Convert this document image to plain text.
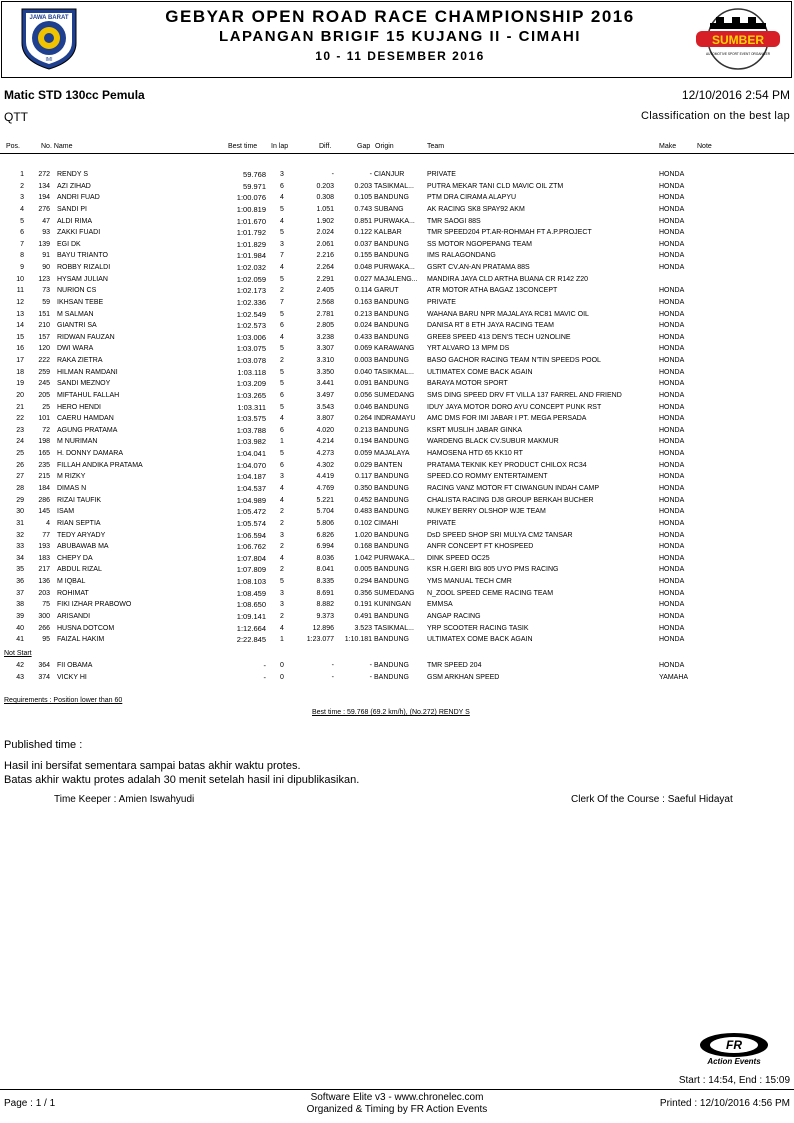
JAWA BARAT
IMI
GEBYAR OPEN ROAD RACE CHAMPIONSHIP 2016
LAPANGAN BRIGIF 15 KUJANG II - CIMAHI
10 - 11 DESEMBER 2016
SUMBER
AUTOMOTIVE SPORT EVENT ORGANIZER
Matic STD 130cc Pemula	12/10/2016 2:54 PM
QTT	Classification on the best lap
Pos.	No. Name	Best time In lap	Diff.	Gap Origin	Team	Make	Note
1	272 RENDY S	59.768	3	-	- CIANJUR	PRIVATE	HONDA
2	134 AZI ZIHAD	59.971	6	0.203	0.203 TASIKMAL...	PUTRA MEKAR TANI CLD MAVIC OIL ZTM	HONDA
3	194 ANDRI FUAD	1:00.076	4	0.308	0.105 BANDUNG	PTM DRA CIRAMA ALAPYU	HONDA
4	276 SANDI PI	1:00.819	5	1.051	0.743 SUBANG	AK RACING SK8 SPAY92 AKM	HONDA
5	47 ALDI RIMA	1:01.670	4	1.902	0.851 PURWAKA...	TMR SAOGI 88S	HONDA
6	93 ZAKKI FUADI	1:01.792	5	2.024	0.122 KALBAR	TMR SPEED204 PT.AR-ROHMAH FT A.P.PROJECT	HONDA
7	139 EGI DK	1:01.829	3	2.061	0.037 BANDUNG	SS MOTOR NGOPEPANG TEAM	HONDA
8	91 BAYU TRIANTO	1:01.984	7	2.216	0.155 BANDUNG	IMS RALAGONDANG	HONDA
9	90 ROBBY RIZALDI	1:02.032	4	2.264	0.048 PURWAKA...	GSRT CV.AN-AN PRATAMA 88S	HONDA
10	123 HYSAM JULIAN	1:02.059	5	2.291	0.027 MAJALENG...	MANDIRA JAYA CLD ARTHA BUANA CR R142 Z20
11	73 NURION CS	1:02.173	2	2.405	0.114 GARUT	ATR MOTOR ATHA BAGAZ 13CONCEPT	HONDA
12	59 IKHSAN TEBE	1:02.336	7	2.568	0.163 BANDUNG	PRIVATE	HONDA
13	151 M SALMAN	1:02.549	5	2.781	0.213 BANDUNG	WAHANA BARU NPR MAJALAYA RC81 MAVIC OIL	HONDA
14	210 GIANTRI SA	1:02.573	6	2.805	0.024 BANDUNG	DANISA RT 8 ETH JAYA RACING TEAM	HONDA
15	157 RIDWAN FAUZAN	1:03.006	4	3.238	0.433 BANDUNG	GREE8 SPEED 413 DEN'S TECH U2NOLINE	HONDA
16	120 DWI WARA	1:03.075	5	3.307	0.069 KARAWANG	YRT ALVARO 13 MPM DS	HONDA
17	222 RAKA ZIETRA	1:03.078	2	3.310	0.003 BANDUNG	BASO GACHOR RACING TEAM N'TIN SPEEDS POOL	HONDA
18	259 HILMAN RAMDANI	1:03.118	5	3.350	0.040 TASIKMAL...	ULTIMATEX COME BACK AGAIN	HONDA
19	245 SANDI MEZNOY	1:03.209	5	3.441	0.091 BANDUNG	BARAYA MOTOR SPORT	HONDA
20	205 MIFTAHUL FALLAH	1:03.265	6	3.497	0.056 SUMEDANG	SMS DING SPEED DRV FT VILLA 137 FARREL AND FRIEND	HONDA
21	25 HERO HENDI	1:03.311	5	3.543	0.046 BANDUNG	IDUY JAYA MOTOR DORO AYU CONCEPT PUNK RST	HONDA
22	101 CAERU HAMDAN	1:03.575	4	3.807	0.264 INDRAMAYU	AMC DMS FOR IMI JABAR I PT. MEGA PERSADA	HONDA
23	72 AGUNG PRATAMA	1:03.788	6	4.020	0.213 BANDUNG	KSRT MUSLIH JABAR GINKA	HONDA
24	198 M NURIMAN	1:03.982	1	4.214	0.194 BANDUNG	WARDENG BLACK CV.SUBUR MAKMUR	HONDA
25	165 H. DONNY DAMARA	1:04.041	5	4.273	0.059 MAJALAYA	HAMOSENA HTD 65 KK10 RT	HONDA
26	235 FILLAH ANDIKA PRATAMA	1:04.070	6	4.302	0.029 BANTEN	PRATAMA TEKNIK KEY PRODUCT CHILOX RC34	HONDA
27	215 M RIZKY	1:04.187	3	4.419	0.117 BANDUNG	SPEED.CO ROMMY ENTERTAIMENT	HONDA
28	184 DIMAS N	1:04.537	4	4.769	0.350 BANDUNG	RACING VANZ MOTOR FT CIWANGUN INDAH CAMP	HONDA
29	286 RIZAI TAUFIK	1:04.989	4	5.221	0.452 BANDUNG	CHALISTA RACING DJ8 GROUP BERKAH BUCHER	HONDA
30	145 ISAM	1:05.472	2	5.704	0.483 BANDUNG	NUKEY BERRY OLSHOP WJE TEAM	HONDA
31	4 RIAN SEPTIA	1:05.574	2	5.806	0.102 CIMAHI	PRIVATE	HONDA
32	77 TEDY ARYADY	1:06.594	3	6.826	1.020 BANDUNG	DsD SPEED SHOP SRI MULYA CM2 TANSAR	HONDA
33	193 ABUBAWAB MA	1:06.762	2	6.994	0.168 BANDUNG	ANFR CONCEPT FT KHOSPEED	HONDA
34	183 CHEPY DA	1:07.804	4	8.036	1.042 PURWAKA...	DINK SPEED OC25	HONDA
35	217 ABDUL RIZAL	1:07.809	2	8.041	0.005 BANDUNG	KSR H.GERI BIG 805 UYO PMS RACING	HONDA
36	136 M IQBAL	1:08.103	5	8.335	0.294 BANDUNG	YMS MANUAL TECH CMR	HONDA
37	203 ROHIMAT	1:08.459	3	8.691	0.356 SUMEDANG	N_ZOOL SPEED CEME RACING TEAM	HONDA
38	75 FIKI IZHAR PRABOWO	1:08.650	3	8.882	0.191 KUNINGAN	EMMSA	HONDA
39	300 ARISANDI	1:09.141	2	9.373	0.491 BANDUNG	ANGAP RACING	HONDA
40	266 HUSNA DOTCOM	1:12.664	4	12.896	3.523 TASIKMAL...	YRP SCOOTER RACING TASIK	HONDA
41	95 FAIZAL HAKIM	2:22.845	1	1:23.077	1:10.181 BANDUNG	ULTIMATEX COME BACK AGAIN	HONDA
Not Start
42	364 FII OBAMA	-	0	-	- BANDUNG	TMR SPEED 204	HONDA
43	374 VICKY HI	-	0	-	- BANDUNG	GSM ARKHAN SPEED	YAMAHA
Requirements : Position lower than 60
Best time : 59.768 (69.2 km/h), (No.272) RENDY S
Published time :
Hasil ini bersifat sementara sampai batas akhir waktu protes.
Batas akhir waktu protes adalah 30 menit setelah hasil ini dipublikasikan.
Time Keeper : Amien Iswahyudi	Clerk Of the Course : Saeful Hidayat
FR
Action Events
Start : 14:54, End : 15:09
Page : 1 / 1
Software Elite v3 - www.chronelec.com
Organized & Timing by FR Action Events
Printed : 12/10/2016 4:56 PM
